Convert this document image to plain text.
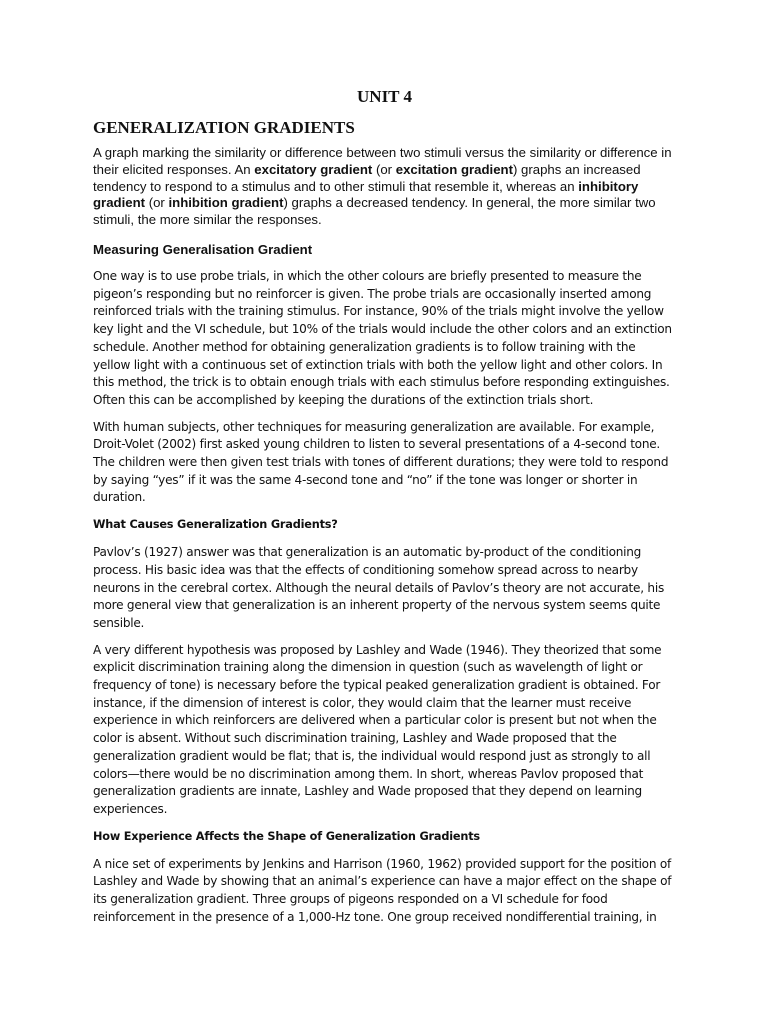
UNIT 4
GENERALIZATION GRADIENTS

A graph marking the similarity or difference between two stimuli versus the similarity or difference in their elicited responses. An excitatory gradient (or excitation gradient) graphs an increased tendency to respond to a stimulus and to other stimuli that resemble it, whereas an inhibitory gradient (or inhibition gradient) graphs a decreased tendency. In general, the more similar two stimuli, the more similar the responses.

Measuring Generalisation Gradient

One way is to use probe trials, in which the other colours are briefly presented to measure the pigeon’s responding but no reinforcer is given. The probe trials are occasionally inserted among reinforced trials with the training stimulus. For instance, 90% of the trials might involve the yellow key light and the VI schedule, but 10% of the trials would include the other colors and an extinction schedule. Another method for obtaining generalization gradients is to follow training with the yellow light with a continuous set of extinction trials with both the yellow light and other colors. In this method, the trick is to obtain enough trials with each stimulus before responding extinguishes. Often this can be accomplished by keeping the durations of the extinction trials short.

With human subjects, other techniques for measuring generalization are available. For example, Droit-Volet (2002) first asked young children to listen to several presentations of a 4-second tone. The children were then given test trials with tones of different durations; they were told to respond by saying “yes” if it was the same 4-second tone and “no” if the tone was longer or shorter in duration.

What Causes Generalization Gradients?

Pavlov’s (1927) answer was that generalization is an automatic by-product of the conditioning process. His basic idea was that the effects of conditioning somehow spread across to nearby neurons in the cerebral cortex. Although the neural details of Pavlov’s theory are not accurate, his more general view that generalization is an inherent property of the nervous system seems quite sensible.

A very different hypothesis was proposed by Lashley and Wade (1946). They theorized that some explicit discrimination training along the dimension in question (such as wavelength of light or frequency of tone) is necessary before the typical peaked generalization gradient is obtained. For instance, if the dimension of interest is color, they would claim that the learner must receive experience in which reinforcers are delivered when a particular color is present but not when the color is absent. Without such discrimination training, Lashley and Wade proposed that the generalization gradient would be flat; that is, the individual would respond just as strongly to all colors—there would be no discrimination among them. In short, whereas Pavlov proposed that generalization gradients are innate, Lashley and Wade proposed that they depend on learning experiences.

How Experience Affects the Shape of Generalization Gradients

A nice set of experiments by Jenkins and Harrison (1960, 1962) provided support for the position of Lashley and Wade by showing that an animal’s experience can have a major effect on the shape of its generalization gradient. Three groups of pigeons responded on a VI schedule for food reinforcement in the presence of a 1,000-Hz tone. One group received nondifferential training, in
